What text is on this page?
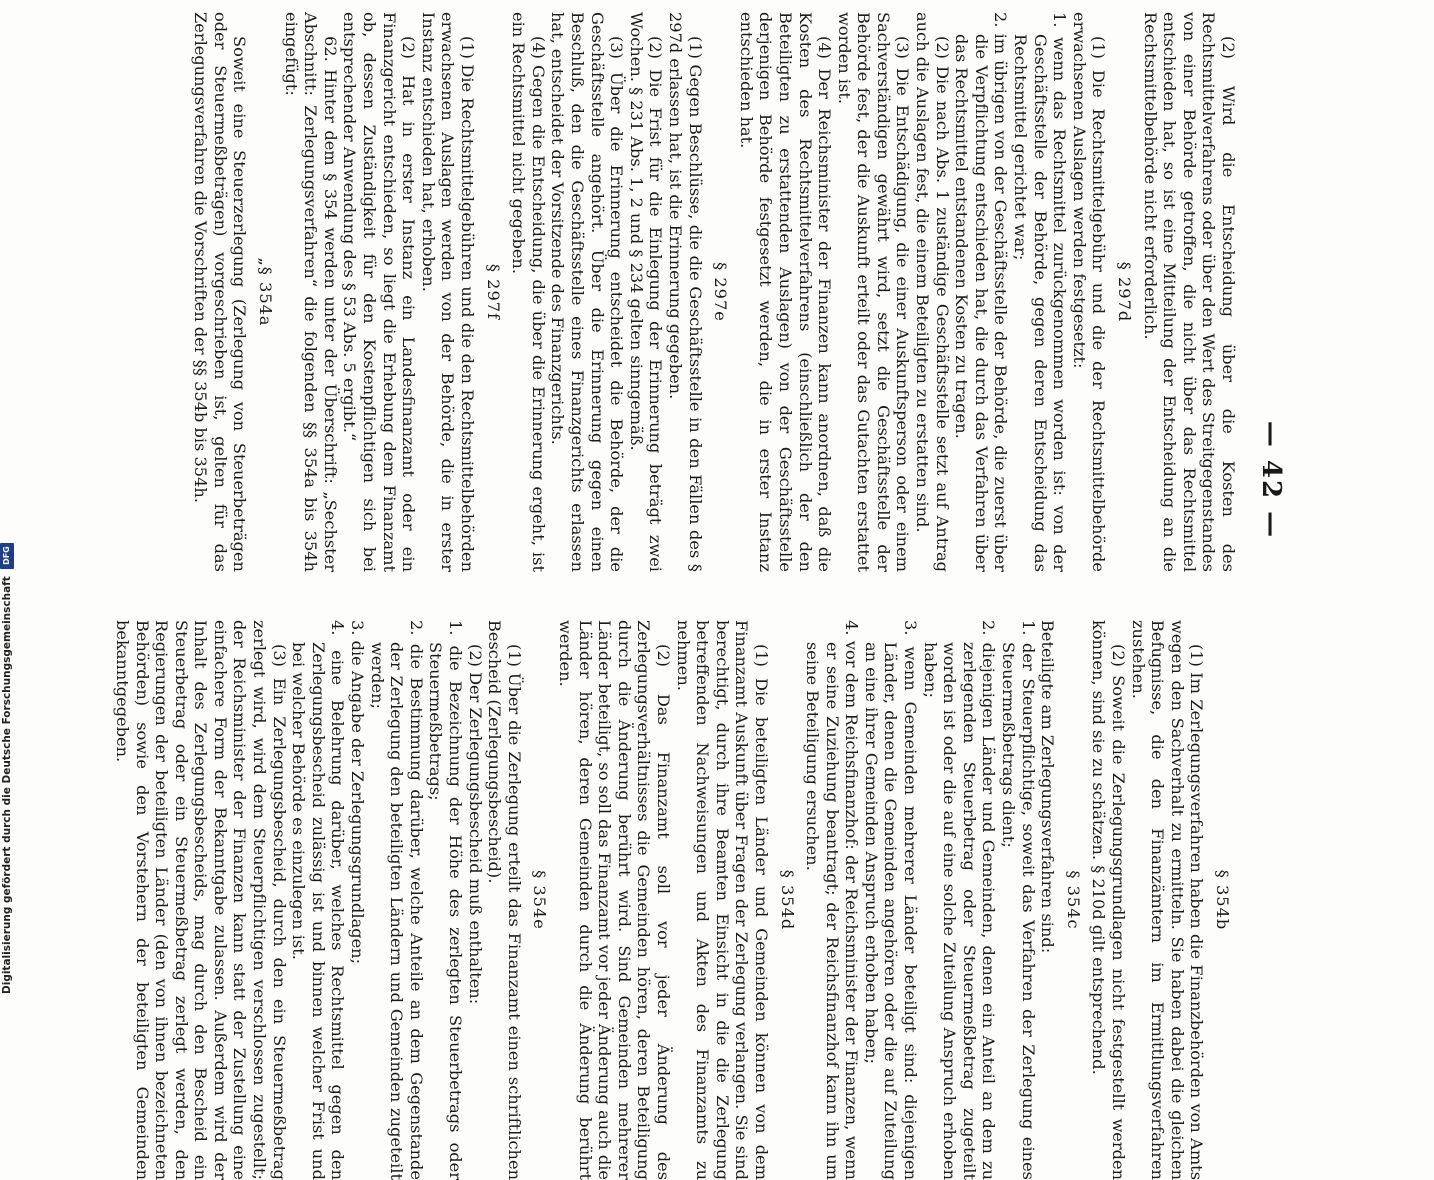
— 42 —

(2) Wird die Entscheidung über die Kosten des Rechtsmittelverfahrens oder über den Wert des Streitgegenstandes von einer Behörde getroffen, die nicht über das Rechtsmittel entschieden hat, so ist eine Mitteilung der Entscheidung an die Rechtsmittelbehörde nicht erforderlich.

§ 297d

(1) Die Rechtsmittelgebühr und die der Rechtsmittelbehörde erwachsenen Auslagen werden festgesetzt:

1. wenn das Rechtsmittel zurückgenommen worden ist: von der Geschäftsstelle der Behörde, gegen deren Entscheidung das Rechtsmittel gerichtet war;

2. im übrigen von der Geschäftsstelle der Behörde, die zuerst über die Verpflichtung entschieden hat, die durch das Verfahren über das Rechtsmittel entstandenen Kosten zu tragen.

(2) Die nach Abs. 1 zuständige Geschäftsstelle setzt auf Antrag auch die Auslagen fest, die einem Beteiligten zu erstatten sind.

(3) Die Entschädigung, die einer Auskunftsperson oder einem Sachverständigen gewährt wird, setzt die Geschäftsstelle der Behörde fest, der die Auskunft erteilt oder das Gutachten erstattet worden ist.

(4) Der Reichsminister der Finanzen kann anordnen, daß die Kosten des Rechtsmittelverfahrens (einschließlich der den Beteiligten zu erstattenden Auslagen) von der Geschäftsstelle derjenigen Behörde festgesetzt werden, die in erster Instanz entschieden hat.

§ 297e

(1) Gegen Beschlüsse, die die Geschäftsstelle in den Fällen des § 297d erlassen hat, ist die Erinnerung gegeben.

(2) Die Frist für die Einlegung der Erinnerung beträgt zwei Wochen. § 231 Abs. 1, 2 und § 234 gelten sinngemäß.

(3) Über die Erinnerung entscheidet die Behörde, der die Geschäftsstelle angehört. Über die Erinnerung gegen einen Beschluß, den die Geschäftsstelle eines Finanzgerichts erlassen hat, entscheidet der Vorsitzende des Finanzgerichts.

(4) Gegen die Entscheidung, die über die Erinnerung ergeht, ist ein Rechtsmittel nicht gegeben.

§ 297f

(1) Die Rechtsmittelgebühren und die den Rechtsmittelbehörden erwachsenen Auslagen werden von der Behörde, die in erster Instanz entschieden hat, erhoben.

(2) Hat in erster Instanz ein Landesfinanzamt oder ein Finanzgericht entschieden, so liegt die Erhebung dem Finanzamt ob, dessen Zuständigkeit für den Kostenpflichtigen sich bei entsprechender Anwendung des § 53 Abs. 5 ergibt.“

62. Hinter dem § 354 werden unter der Überschrift: „Sechster Abschnitt: Zerlegungsverfahren“ die folgenden §§ 354a bis 354h eingefügt:

„§ 354a

Soweit eine Steuerzerlegung (Zerlegung von Steuerbeträgen oder Steuermeßbeträgen) vorgeschrieben ist, gelten für das Zerlegungsverfahren die Vorschriften der §§ 354b bis 354h.

§ 354b

(1) Im Zerlegungsverfahren haben die Finanzbehörden von Amts wegen den Sachverhalt zu ermitteln. Sie haben dabei die gleichen Befugnisse, die den Finanzämtern im Ermittlungsverfahren zustehen.

(2) Soweit die Zerlegungsgrundlagen nicht festgestellt werden können, sind sie zu schätzen. § 210d gilt entsprechend.

§ 354c

Beteiligte am Zerlegungsverfahren sind:

1. der Steuerpflichtige, soweit das Verfahren der Zerlegung eines Steuermeßbetrags dient;

2. diejenigen Länder und Gemeinden, denen ein Anteil an dem zu zerlegenden Steuerbetrag oder Steuermeßbetrag zugeteilt worden ist oder die auf eine solche Zuteilung Anspruch erhoben haben;

3. wenn Gemeinden mehrerer Länder beteiligt sind: diejenigen Länder, denen die Gemeinden angehören oder die auf Zuteilung an eine ihrer Gemeinden Anspruch erhoben haben;

4. vor dem Reichsfinanzhof: der Reichsminister der Finanzen, wenn er seine Zuziehung beantragt; der Reichsfinanzhof kann ihn um seine Beteiligung ersuchen.

§ 354d

(1) Die beteiligten Länder und Gemeinden können von dem Finanzamt Auskunft über Fragen der Zerlegung verlangen. Sie sind berechtigt, durch ihre Beamten Einsicht in die die Zerlegung betreffenden Nachweisungen und Akten des Finanzamts zu nehmen.

(2) Das Finanzamt soll vor jeder Änderung des Zerlegungsverhältnisses die Gemeinden hören, deren Beteiligung durch die Änderung berührt wird. Sind Gemeinden mehrerer Länder beteiligt, so soll das Finanzamt vor jeder Änderung auch die Länder hören, deren Gemeinden durch die Änderung berührt werden.

§ 354e

(1) Über die Zerlegung erteilt das Finanzamt einen schriftlichen Bescheid (Zerlegungsbescheid).

(2) Der Zerlegungsbescheid muß enthalten:

1. die Bezeichnung der Höhe des zerlegten Steuerbetrags oder Steuermeßbetrags;

2. die Bestimmung darüber, welche Anteile an dem Gegenstande der Zerlegung den beteiligten Ländern und Gemeinden zugeteilt werden;

3. die Angabe der Zerlegungsgrundlagen;

4. eine Belehrung darüber, welches Rechtsmittel gegen den Zerlegungsbescheid zulässig ist und binnen welcher Frist und bei welcher Behörde es einzulegen ist.

(3) Ein Zerlegungsbescheid, durch den ein Steuermeßbetrag zerlegt wird, wird dem Steuerpflichtigen verschlossen zugestellt; der Reichsminister der Finanzen kann statt der Zustellung eine einfachere Form der Bekanntgabe zulassen. Außerdem wird der Inhalt des Zerlegungsbescheids, mag durch den Bescheid ein Steuerbetrag oder ein Steuermeßbetrag zerlegt werden, den Regierungen der beteiligten Länder (den von ihnen bezeichneten Behörden) sowie den Vorstehern der beteiligten Gemeinden bekanntgegeben.

Digitalisierung gefördert durch die Deutsche Forschungsgemeinschaft DFG
